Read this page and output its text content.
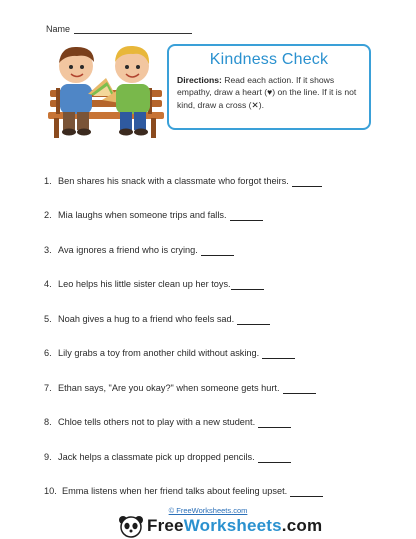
Name
Kindness Check
Directions: Read each action. If it shows empathy, draw a heart (♥) on the line. If it is not kind, draw a cross (✕).
1. Ben shares his snack with a classmate who forgot theirs.
2. Mia laughs when someone trips and falls.
3. Ava ignores a friend who is crying.
4. Leo helps his little sister clean up her toys.
5. Noah gives a hug to a friend who feels sad.
6. Lily grabs a toy from another child without asking.
7. Ethan says, "Are you okay?" when someone gets hurt.
8. Chloe tells others not to play with a new student.
9. Jack helps a classmate pick up dropped pencils.
10. Emma listens when her friend talks about feeling upset.
© FreeWorksheets.com
FreeWorksheets.com
